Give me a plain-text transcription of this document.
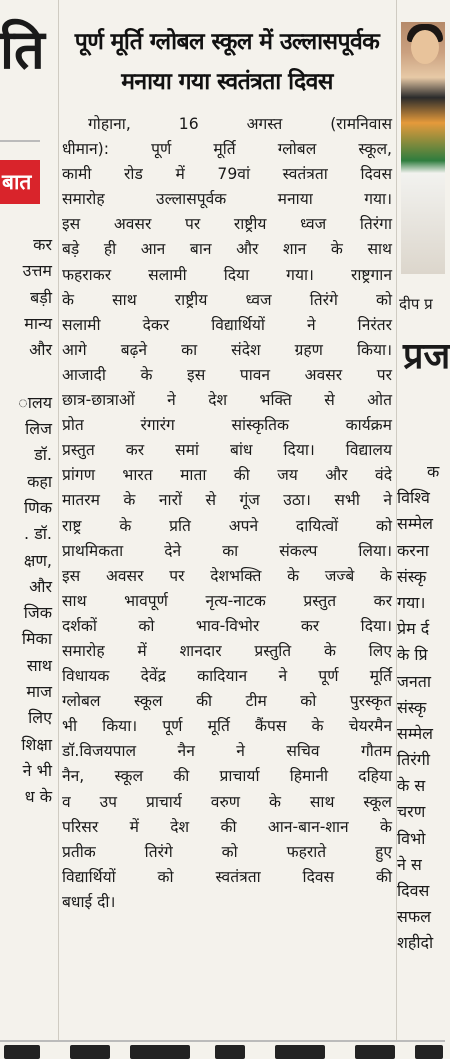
ति
बात
कर
उत्तम
बड़ी
मान्य
और
ालय
लिज
डॉ.
कहा
णिक
. डॉ.
क्षण,
और
जिक
मिका
साथ
माज
लिए
शिक्षा
ने भी
ध के
पूर्ण मूर्ति ग्लोबल स्कूल में उल्लासपूर्वक
मनाया गया स्वतंत्रता दिवस
गोहाना, 16 अगस्त (रामनिवास
धीमान): पूर्ण मूर्ति ग्लोबल स्कूल,
कामी रोड में 79वां स्वतंत्रता दिवस
समारोह उल्लासपूर्वक मनाया गया।
इस अवसर पर राष्ट्रीय ध्वज तिरंगा
बड़े ही आन बान और शान के साथ
फहराकर सलामी दिया गया। राष्ट्रगान
के साथ राष्ट्रीय ध्वज तिरंगे को
सलामी देकर विद्यार्थियों ने निरंतर
आगे बढ़ने का संदेश ग्रहण किया।
आजादी के इस पावन अवसर पर
छात्र-छात्राओं ने देश भक्ति से ओत
प्रोत रंगारंग सांस्कृतिक कार्यक्रम
प्रस्तुत कर समां बांध दिया। विद्यालय
प्रांगण भारत माता की जय और वंदे
मातरम के नारों से गूंज उठा। सभी ने
राष्ट्र के प्रति अपने दायित्वों को
प्राथमिकता देने का संकल्प लिया।
इस अवसर पर देशभक्ति के जज्बे के
साथ भावपूर्ण नृत्य-नाटक प्रस्तुत कर
दर्शकों को भाव-विभोर कर दिया।
समारोह में शानदार प्रस्तुति के लिए
विधायक देवेंद्र कादियान ने पूर्ण मूर्ति
ग्लोबल स्कूल की टीम को पुरस्कृत
भी किया। पूर्ण मूर्ति कैंपस के चेयरमैन
डॉ.विजयपाल नैन ने सचिव गौतम
नैन, स्कूल की प्राचार्या हिमानी दहिया
व उप प्राचार्य वरुण के साथ स्कूल
परिसर में देश की आन-बान-शान के
प्रतीक तिरंगे को फहराते हुए
विद्यार्थियों को स्वतंत्रता दिवस की
बधाई दी।
दीप प्र
प्रज
क
विश्वि
सम्मेल
करना
संस्कृ
गया।
प्रेम र्द
के प्रि
जनता
संस्कृ
सम्मेल
तिरंगी
के स
चरण
विभो
ने स
दिवस
सफल
शहीदो
